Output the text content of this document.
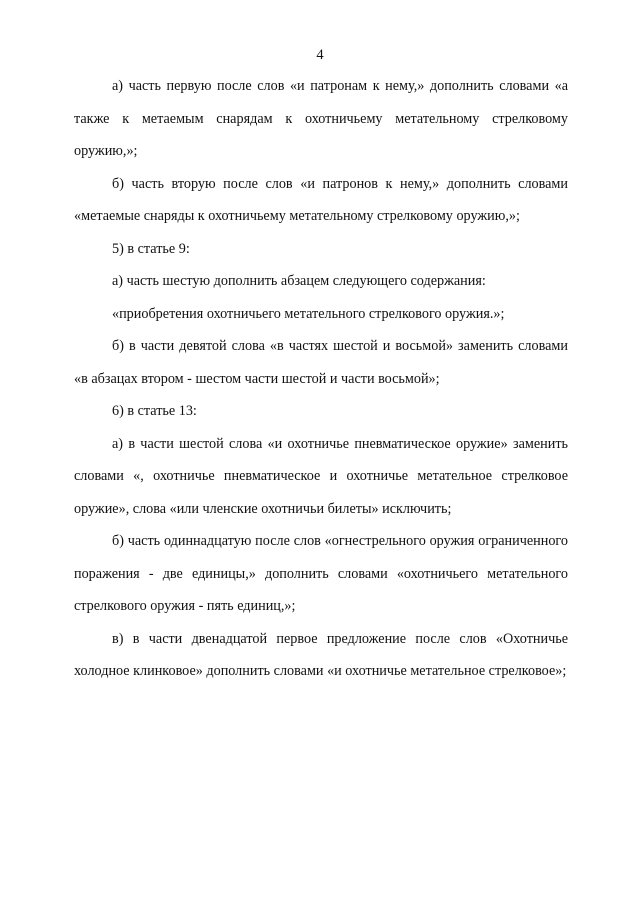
4

а) часть первую после слов «и патронам к нему,» дополнить словами «а также к метаемым снарядам к охотничьему метательному стрелковому оружию,»;

б) часть вторую после слов «и патронов к нему,» дополнить словами «метаемые снаряды к охотничьему метательному стрелковому оружию,»;

5) в статье 9:

а) часть шестую дополнить абзацем следующего содержания:

«приобретения охотничьего метательного стрелкового оружия.»;

б) в части девятой слова «в частях шестой и восьмой» заменить словами «в абзацах втором - шестом части шестой и части восьмой»;

6) в статье 13:

а) в части шестой слова «и охотничье пневматическое оружие» заменить словами «, охотничье пневматическое и охотничье метательное стрелковое оружие», слова «или членские охотничьи билеты» исключить;

б) часть одиннадцатую после слов «огнестрельного оружия ограниченного поражения - две единицы,» дополнить словами «охотничьего метательного стрелкового оружия - пять единиц,»;

в) в части двенадцатой первое предложение после слов «Охотничье холодное клинковое» дополнить словами «и охотничье метательное стрелковое»;
